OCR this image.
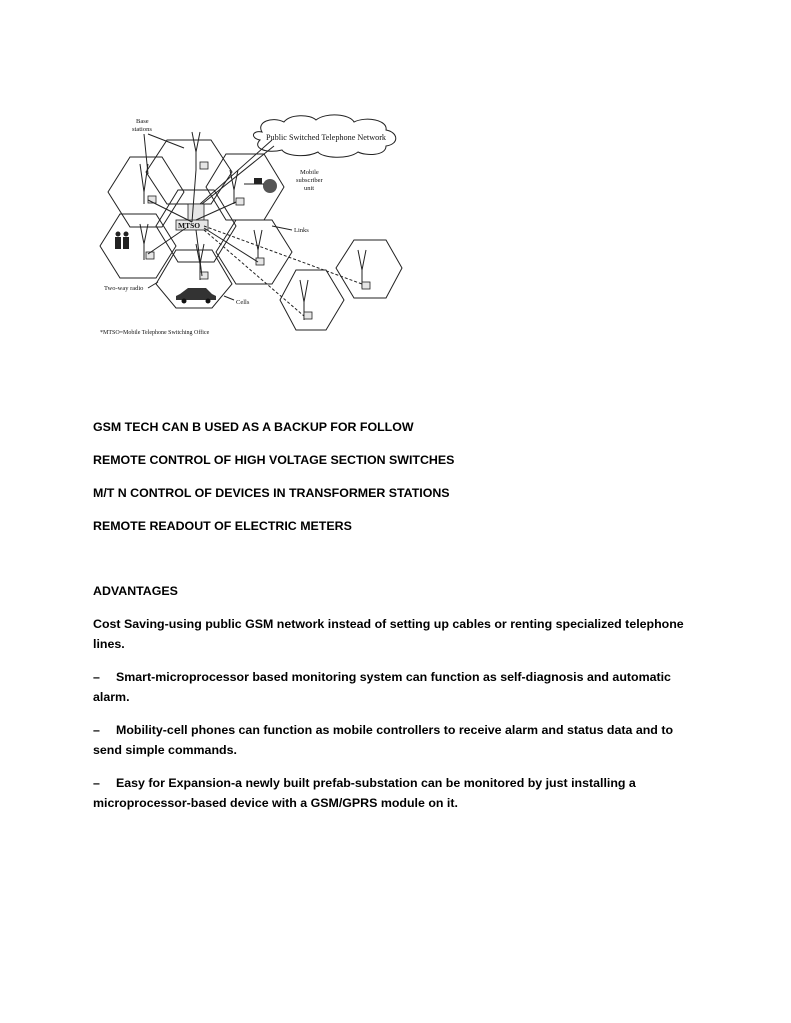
Public Switched Telephone Network
Base
stations
Mobile
subscriber
unit
MTSO
Links
Two-way radio
Cells
*MTSO=Mobile Telephone Switching Office

GSM TECH CAN B USED AS A BACKUP FOR FOLLOW

REMOTE CONTROL OF HIGH VOLTAGE SECTION SWITCHES

M/T N CONTROL OF DEVICES IN TRANSFORMER STATIONS

REMOTE READOUT OF ELECTRIC METERS

ADVANTAGES

Cost Saving-using public GSM network instead of setting up cables or renting specialized telephone

lines.

– Smart-microprocessor based monitoring system can function as self-diagnosis and automatic

alarm.

– Mobility-cell phones can function as mobile controllers to receive alarm and status data and to

send simple commands.

– Easy for Expansion-a newly built prefab-substation can be monitored by just installing a

microprocessor-based device with a GSM/GPRS module on it.
